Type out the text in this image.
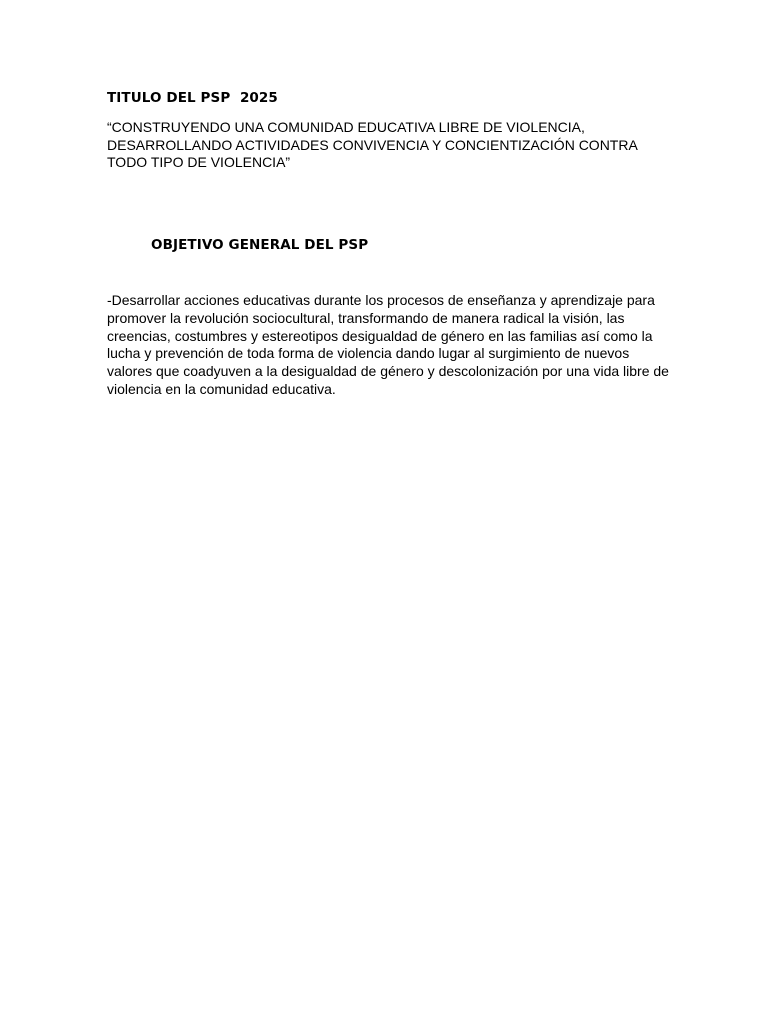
TITULO DEL PSP  2025

“CONSTRUYENDO UNA COMUNIDAD EDUCATIVA LIBRE DE VIOLENCIA,
DESARROLLANDO ACTIVIDADES CONVIVENCIA Y CONCIENTIZACIÓN CONTRA
TODO TIPO DE VIOLENCIA”

OBJETIVO GENERAL DEL PSP

-Desarrollar acciones educativas durante los procesos de enseñanza y aprendizaje para
promover la revolución sociocultural, transformando de manera radical la visión, las
creencias, costumbres y estereotipos desigualdad de género en las familias así como la
lucha y prevención de toda forma de violencia dando lugar al surgimiento de nuevos
valores que coadyuven a la desigualdad de género y descolonización por una vida libre de
violencia en la comunidad educativa.
